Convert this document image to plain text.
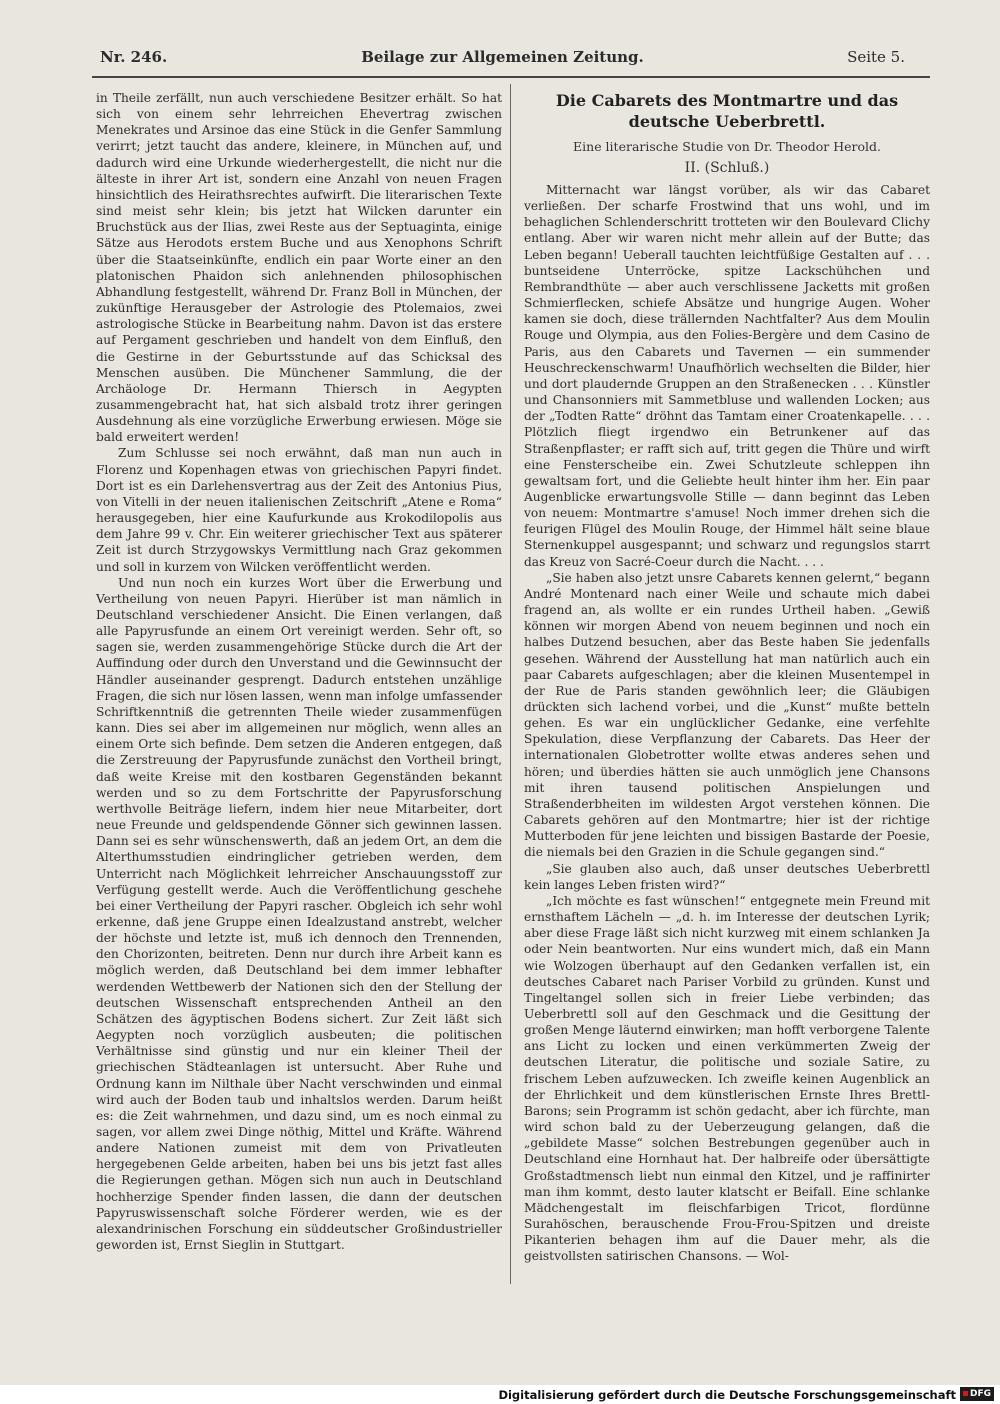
Nr. 246.	Beilage zur Allgemeinen Zeitung.	Seite 5.

in Theile zerfällt, nun auch verschiedene Besitzer erhält. So hat sich von einem sehr lehrreichen Ehevertrag zwischen Menekrates und Arsinoe das eine Stück in die Genfer Sammlung verirrt; jetzt taucht das andere, kleinere, in München auf, und dadurch wird eine Urkunde wiederhergestellt, die nicht nur die älteste in ihrer Art ist, sondern eine Anzahl von neuen Fragen hinsichtlich des Heirathsrechtes aufwirft. Die literarischen Texte sind meist sehr klein; bis jetzt hat Wilcken darunter ein Bruchstück aus der Ilias, zwei Reste aus der Septuaginta, einige Sätze aus Herodots erstem Buche und aus Xenophons Schrift über die Staatseinkünfte, endlich ein paar Worte einer an den platonischen Phaidon sich anlehnenden philosophischen Abhandlung festgestellt, während Dr. Franz Boll in München, der zukünftige Herausgeber der Astrologie des Ptolemaios, zwei astrologische Stücke in Bearbeitung nahm. Davon ist das erstere auf Pergament geschrieben und handelt von dem Einfluß, den die Gestirne in der Geburtsstunde auf das Schicksal des Menschen ausüben. Die Münchener Sammlung, die der Archäologe Dr. Hermann Thiersch in Aegypten zusammengebracht hat, hat sich alsbald trotz ihrer geringen Ausdehnung als eine vorzügliche Erwerbung erwiesen. Möge sie bald erweitert werden!

Zum Schlusse sei noch erwähnt, daß man nun auch in Florenz und Kopenhagen etwas von griechischen Papyri findet. Dort ist es ein Darlehensvertrag aus der Zeit des Antonius Pius, von Vitelli in der neuen italienischen Zeitschrift „Atene e Roma“ herausgegeben, hier eine Kaufurkunde aus Krokodilopolis aus dem Jahre 99 v. Chr. Ein weiterer griechischer Text aus späterer Zeit ist durch Strzygowskys Vermittlung nach Graz gekommen und soll in kurzem von Wilcken veröffentlicht werden.

Und nun noch ein kurzes Wort über die Erwerbung und Vertheilung von neuen Papyri. Hierüber ist man nämlich in Deutschland verschiedener Ansicht. Die Einen verlangen, daß alle Papyrusfunde an einem Ort vereinigt werden. Sehr oft, so sagen sie, werden zusammengehörige Stücke durch die Art der Auffindung oder durch den Unverstand und die Gewinnsucht der Händler auseinander gesprengt. Dadurch entstehen unzählige Fragen, die sich nur lösen lassen, wenn man infolge umfassender Schriftkenntniß die getrennten Theile wieder zusammenfügen kann. Dies sei aber im allgemeinen nur möglich, wenn alles an einem Orte sich befinde. Dem setzen die Anderen entgegen, daß die Zerstreuung der Papyrusfunde zunächst den Vortheil bringt, daß weite Kreise mit den kostbaren Gegenständen bekannt werden und so zu dem Fortschritte der Papyrusforschung werthvolle Beiträge liefern, indem hier neue Mitarbeiter, dort neue Freunde und geldspendende Gönner sich gewinnen lassen. Dann sei es sehr wünschenswerth, daß an jedem Ort, an dem die Alterthumsstudien eindringlicher getrieben werden, dem Unterricht nach Möglichkeit lehrreicher Anschauungsstoff zur Verfügung gestellt werde. Auch die Veröffentlichung geschehe bei einer Vertheilung der Papyri rascher. Obgleich ich sehr wohl erkenne, daß jene Gruppe einen Idealzustand anstrebt, welcher der höchste und letzte ist, muß ich dennoch den Trennenden, den Chorizonten, beitreten. Denn nur durch ihre Arbeit kann es möglich werden, daß Deutschland bei dem immer lebhafter werdenden Wettbewerb der Nationen sich den der Stellung der deutschen Wissenschaft entsprechenden Antheil an den Schätzen des ägyptischen Bodens sichert. Zur Zeit läßt sich Aegypten noch vorzüglich ausbeuten; die politischen Verhältnisse sind günstig und nur ein kleiner Theil der griechischen Städteanlagen ist untersucht. Aber Ruhe und Ordnung kann im Nilthale über Nacht verschwinden und einmal wird auch der Boden taub und inhaltslos werden. Darum heißt es: die Zeit wahrnehmen, und dazu sind, um es noch einmal zu sagen, vor allem zwei Dinge nöthig, Mittel und Kräfte. Während andere Nationen zumeist mit dem von Privatleuten hergegebenen Gelde arbeiten, haben bei uns bis jetzt fast alles die Regierungen gethan. Mögen sich nun auch in Deutschland hochherzige Spender finden lassen, die dann der deutschen Papyruswissenschaft solche Förderer werden, wie es der alexandrinischen Forschung ein süddeutscher Großindustrieller geworden ist, Ernst Sieglin in Stuttgart.

Die Cabarets des Montmartre und das deutsche Ueberbrettl.
Eine literarische Studie von Dr. Theodor Herold.
II. (Schluß.)

Mitternacht war längst vorüber, als wir das Cabaret verließen. Der scharfe Frostwind that uns wohl, und im behaglichen Schlenderschritt trotteten wir den Boulevard Clichy entlang. Aber wir waren nicht mehr allein auf der Butte; das Leben begann! Ueberall tauchten leichtfüßige Gestalten auf . . . buntseidene Unterröcke, spitze Lackschühchen und Rembrandthüte — aber auch verschlissene Jacketts mit großen Schmierflecken, schiefe Absätze und hungrige Augen. Woher kamen sie doch, diese trällernden Nachtfalter? Aus dem Moulin Rouge und Olympia, aus den Folies-Bergère und dem Casino de Paris, aus den Cabarets und Tavernen — ein summender Heuschreckenschwarm! Unaufhörlich wechselten die Bilder, hier und dort plaudernde Gruppen an den Straßenecken . . . Künstler und Chansonniers mit Sammetbluse und wallenden Locken; aus der „Todten Ratte“ dröhnt das Tamtam einer Croatenkapelle. . . . Plötzlich fliegt irgendwo ein Betrunkener auf das Straßenpflaster; er rafft sich auf, tritt gegen die Thüre und wirft eine Fensterscheibe ein. Zwei Schutzleute schleppen ihn gewaltsam fort, und die Geliebte heult hinter ihm her. Ein paar Augenblicke erwartungsvolle Stille — dann beginnt das Leben von neuem: Montmartre s'amuse! Noch immer drehen sich die feurigen Flügel des Moulin Rouge, der Himmel hält seine blaue Sternenkuppel ausgespannt; und schwarz und regungslos starrt das Kreuz von Sacré-Coeur durch die Nacht. . . .

„Sie haben also jetzt unsre Cabarets kennen gelernt,“ begann André Montenard nach einer Weile und schaute mich dabei fragend an, als wollte er ein rundes Urtheil haben. „Gewiß können wir morgen Abend von neuem beginnen und noch ein halbes Dutzend besuchen, aber das Beste haben Sie jedenfalls gesehen. Während der Ausstellung hat man natürlich auch ein paar Cabarets aufgeschlagen; aber die kleinen Musentempel in der Rue de Paris standen gewöhnlich leer; die Gläubigen drückten sich lachend vorbei, und die „Kunst“ mußte betteln gehen. Es war ein unglücklicher Gedanke, eine verfehlte Spekulation, diese Verpflanzung der Cabarets. Das Heer der internationalen Globetrotter wollte etwas anderes sehen und hören; und überdies hätten sie auch unmöglich jene Chansons mit ihren tausend politischen Anspielungen und Straßenderbheiten im wildesten Argot verstehen können. Die Cabarets gehören auf den Montmartre; hier ist der richtige Mutterboden für jene leichten und bissigen Bastarde der Poesie, die niemals bei den Grazien in die Schule gegangen sind.“

„Sie glauben also auch, daß unser deutsches Ueberbrettl kein langes Leben fristen wird?“

„Ich möchte es fast wünschen!“ entgegnete mein Freund mit ernsthaftem Lächeln — „d. h. im Interesse der deutschen Lyrik; aber diese Frage läßt sich nicht kurzweg mit einem schlanken Ja oder Nein beantworten. Nur eins wundert mich, daß ein Mann wie Wolzogen überhaupt auf den Gedanken verfallen ist, ein deutsches Cabaret nach Pariser Vorbild zu gründen. Kunst und Tingeltangel sollen sich in freier Liebe verbinden; das Ueberbrettl soll auf den Geschmack und die Gesittung der großen Menge läuternd einwirken; man hofft verborgene Talente ans Licht zu locken und einen verkümmerten Zweig der deutschen Literatur, die politische und soziale Satire, zu frischem Leben aufzuwecken. Ich zweifle keinen Augenblick an der Ehrlichkeit und dem künstlerischen Ernste Ihres Brettl-Barons; sein Programm ist schön gedacht, aber ich fürchte, man wird schon bald zu der Ueberzeugung gelangen, daß die „gebildete Masse“ solchen Bestrebungen gegenüber auch in Deutschland eine Hornhaut hat. Der halbreife oder übersättigte Großstadtmensch liebt nun einmal den Kitzel, und je raffinirter man ihm kommt, desto lauter klatscht er Beifall. Eine schlanke Mädchengestalt im fleischfarbigen Tricot, flordünne Surahöschen, berauschende Frou-Frou-Spitzen und dreiste Pikanterien behagen ihm auf die Dauer mehr, als die geistvollsten satirischen Chansons. — Wol-

Digitalisierung gefördert durch die Deutsche Forschungsgemeinschaft	DFG
